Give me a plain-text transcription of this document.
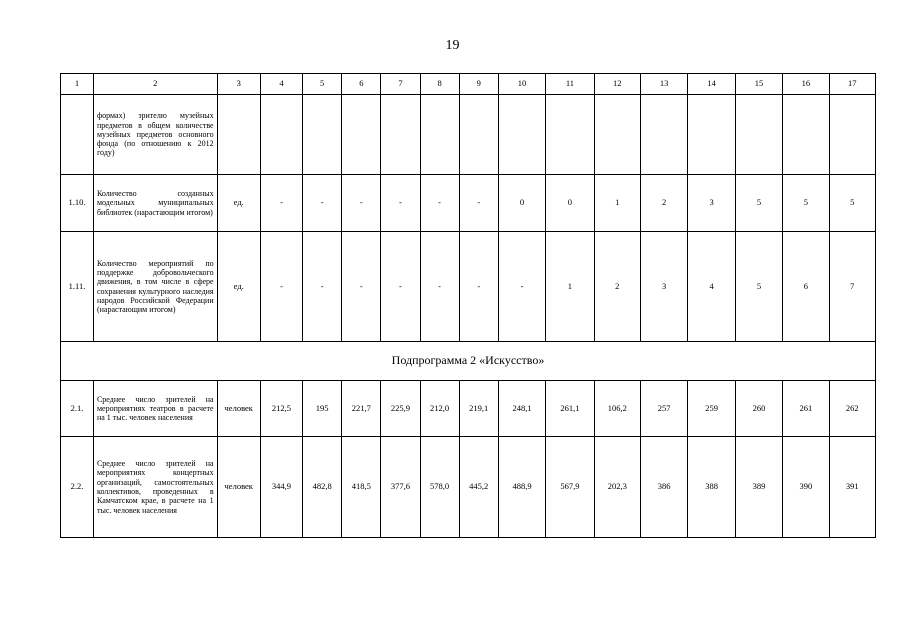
19
1	2	3	4	5	6	7	8	9	10	11	12	13	14	15	16	17
	формах) зрителю музейных предметов в общем количестве музейных предметов основного фонда (по отношению к 2012 году)															
1.10.	Количество созданных модельных муниципальных библиотек (нарастающим итогом)	ед.	-	-	-	-	-	-	0	0	1	2	3	5	5	5
1.11.	Количество мероприятий по поддержке добровольческого движения, в том числе в сфере сохранения культурного наследия народов Российской Федерации (нарастающим итогом)	ед.	-	-	-	-	-	-	-	1	2	3	4	5	6	7
Подпрограмма 2 «Искусство»																
2.1.	Среднее число зрителей на мероприятиях театров в расчете на 1 тыс. человек населения	человек	212,5	195	221,7	225,9	212,0	219,1	248,1	261,1	106,2	257	259	260	261	262
2.2.	Среднее число зрителей на мероприятиях концертных организаций, самостоятельных коллективов, проведенных в Камчатском крае, в расчете на 1 тыс. человек населения	человек	344,9	482,8	418,5	377,6	578,0	445,2	488,9	567,9	202,3	386	388	389	390	391
